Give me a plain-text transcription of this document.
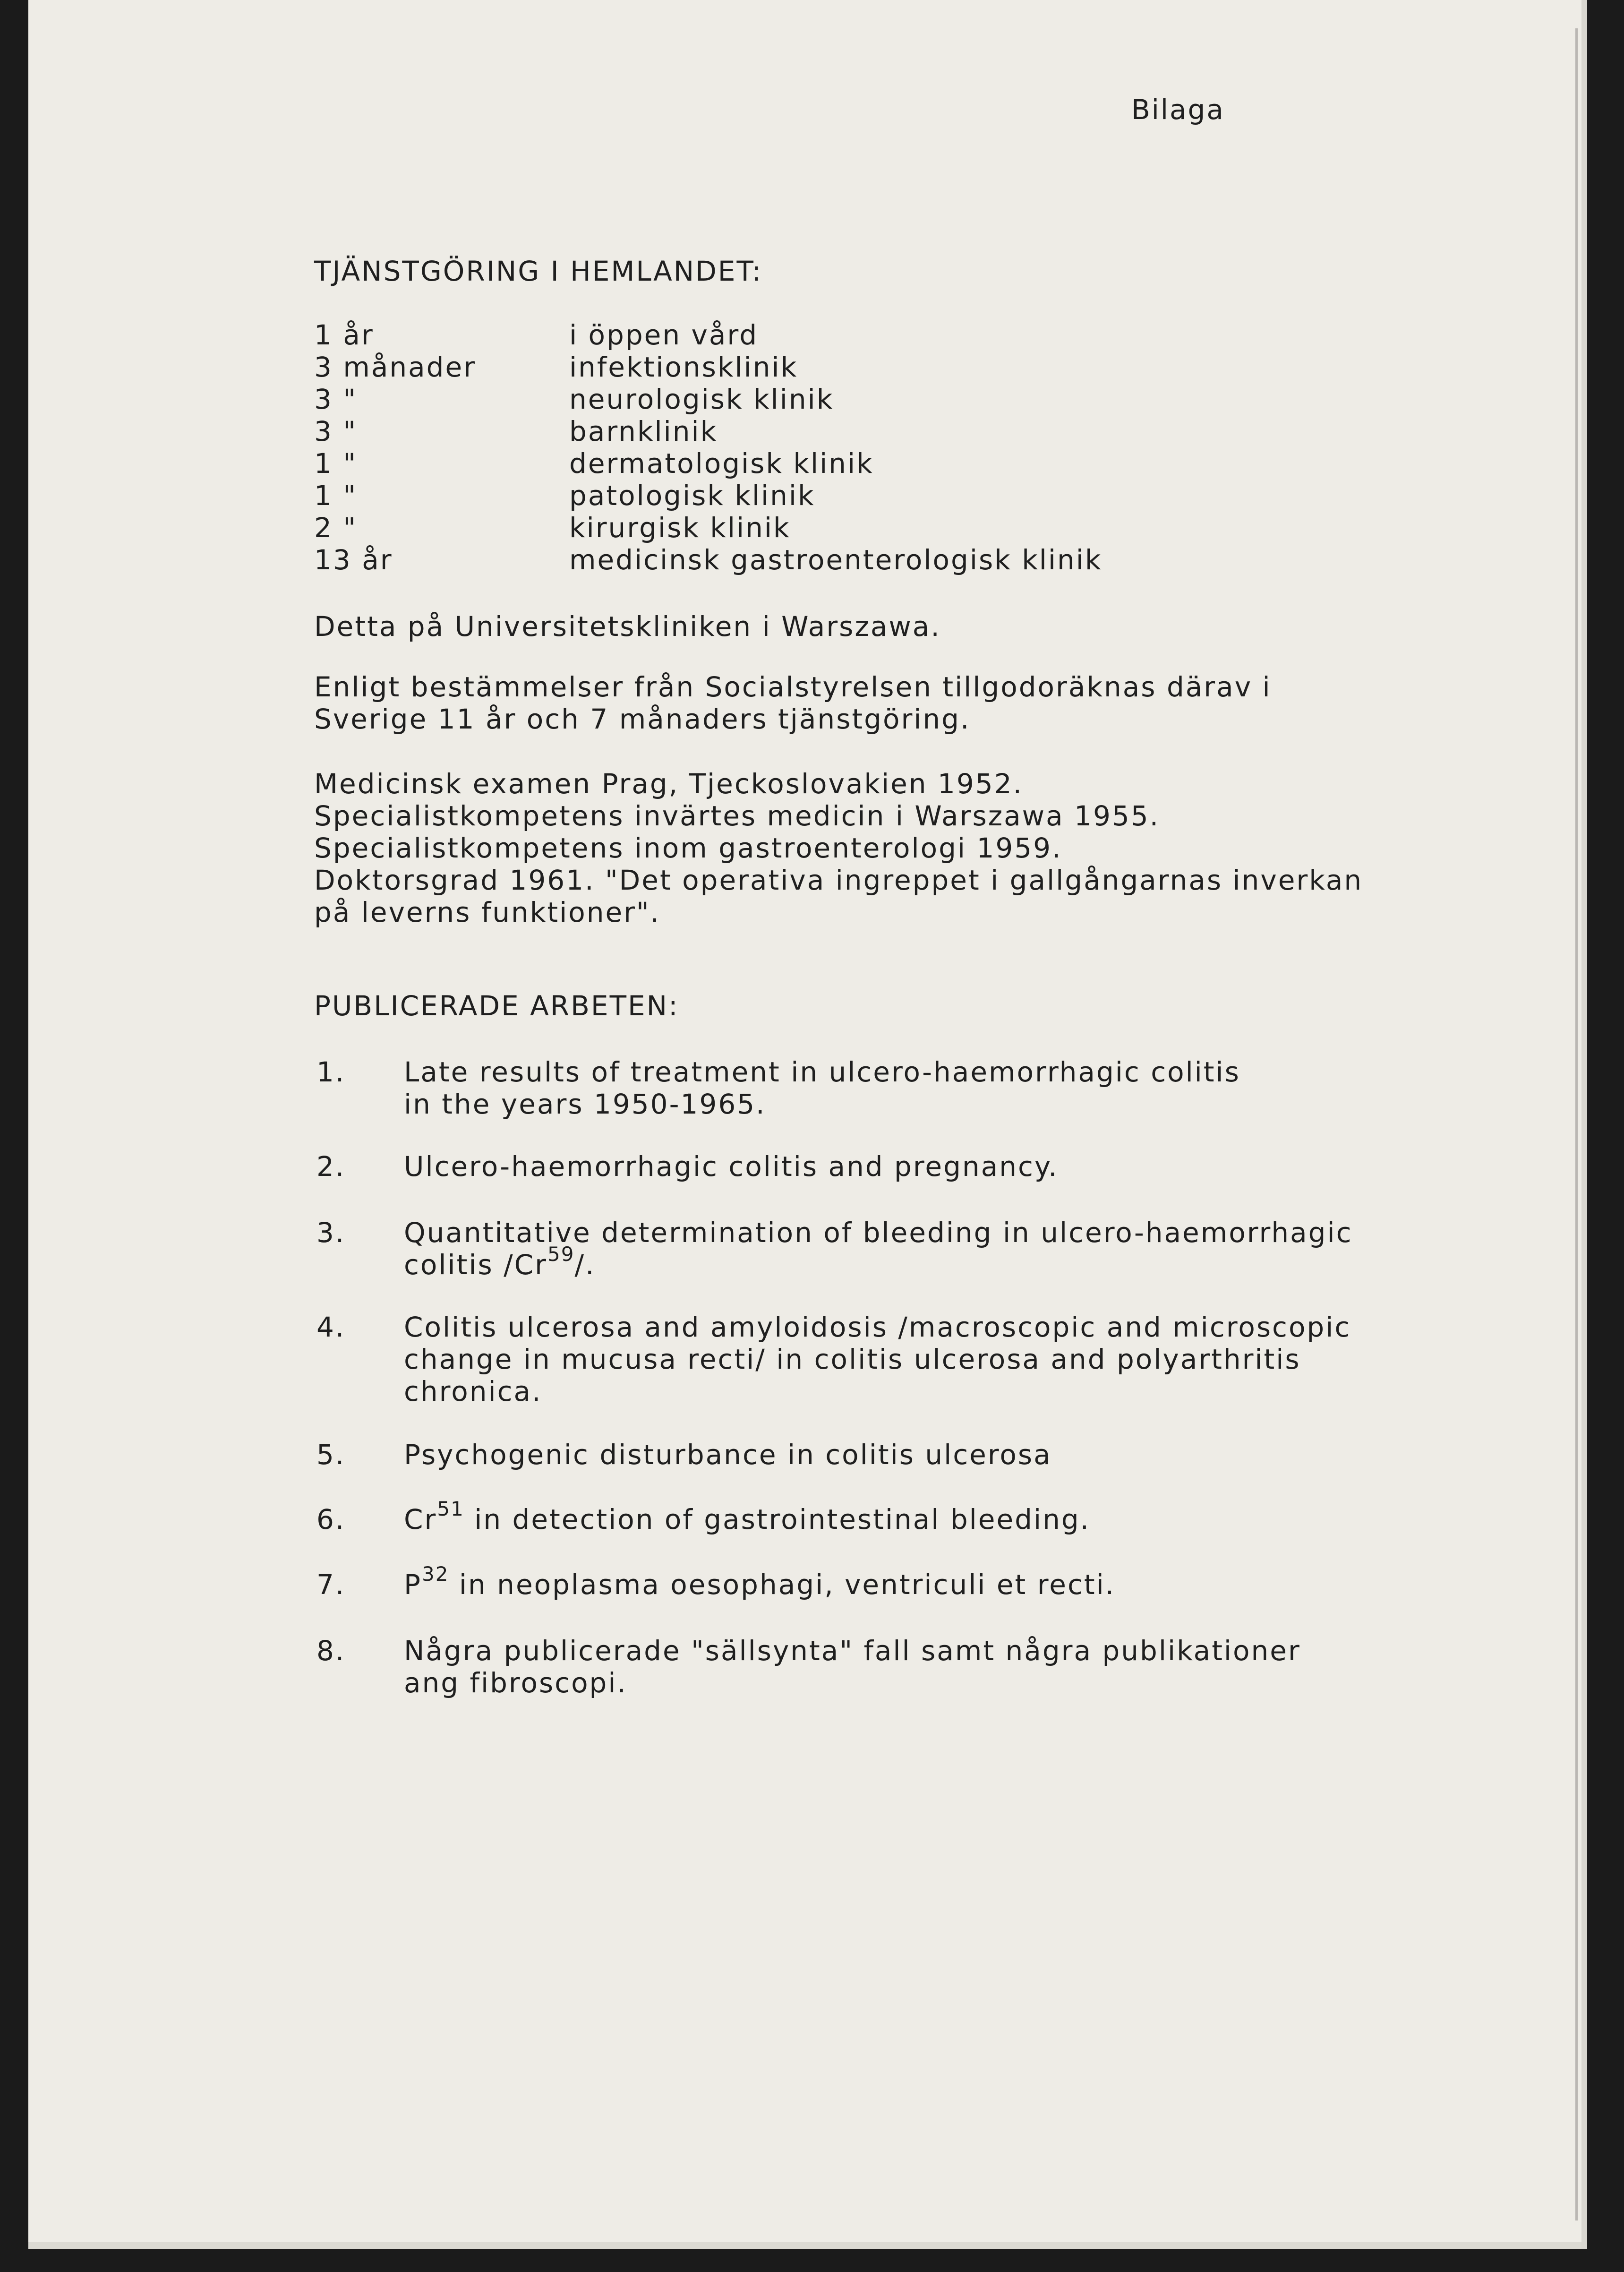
Bilaga
TJÄNSTGÖRING I HEMLANDET:
1 år	i öppen vård
3 månader	infektionsklinik
3 "	neurologisk klinik
3 "	barnklinik
1 "	dermatologisk klinik
1 "	patologisk klinik
2 "	kirurgisk klinik
13 år	medicinsk gastroenterologisk klinik
Detta på Universitetskliniken i Warszawa.
Enligt bestämmelser från Socialstyrelsen tillgodoräknas därav i
Sverige 11 år och 7 månaders tjänstgöring.
Medicinsk examen Prag, Tjeckoslovakien 1952.
Specialistkompetens invärtes medicin i Warszawa 1955.
Specialistkompetens inom gastroenterologi 1959.
Doktorsgrad 1961. "Det operativa ingreppet i gallgångarnas inverkan
på leverns funktioner".
PUBLICERADE ARBETEN:
1. Late results of treatment in ulcero-haemorrhagic colitis
in the years 1950-1965.
2. Ulcero-haemorrhagic colitis and pregnancy.
3. Quantitative determination of bleeding in ulcero-haemorrhagic
colitis /Cr$^{59}$/.
4. Colitis ulcerosa and amyloidosis /macroscopic and microscopic
change in mucusa recti/ in colitis ulcerosa and polyarthritis
chronica.
5. Psychogenic disturbance in colitis ulcerosa
6. Cr$^{51}$ in detection of gastrointestinal bleeding.
7. $P^{32}$ in neoplasma oesophagi, ventriculi et recti.
8. Några publicerade "sällsynta" fall samt några publikationer
ang fibroscopi.
